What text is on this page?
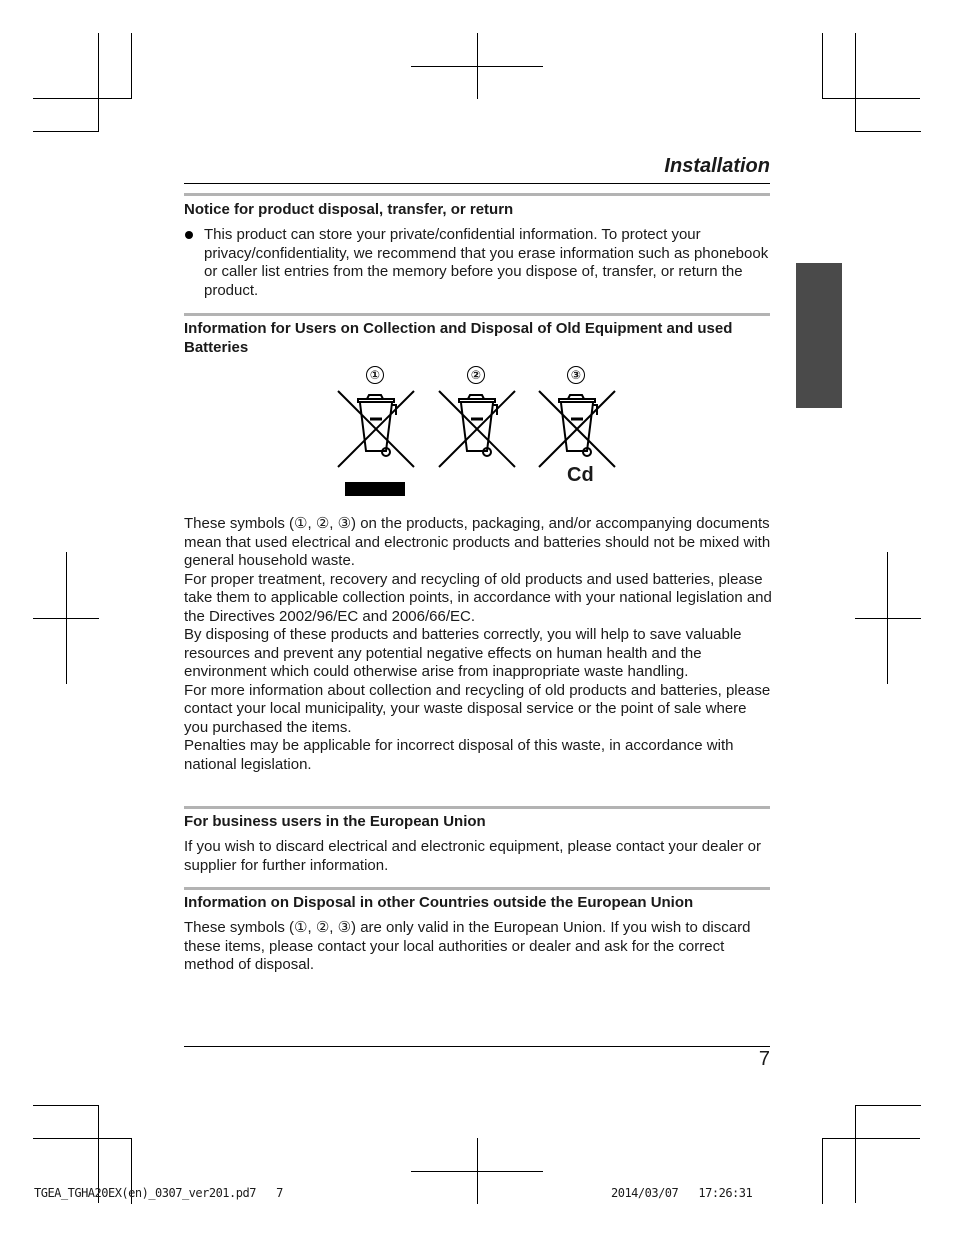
Installation
Notice for product disposal, transfer, or return
This product can store your private/confidential information. To protect your privacy/confidentiality, we recommend that you erase information such as phonebook or caller list entries from the memory before you dispose of, transfer, or return the product.
Information for Users on Collection and Disposal of Old Equipment and used Batteries
①	②	③
Cd

These symbols (①, ②, ③) on the products, packaging, and/or accompanying documents mean that used electrical and electronic products and batteries should not be mixed with general household waste.

For proper treatment, recovery and recycling of old products and used batteries, please take them to applicable collection points, in accordance with your national legislation and the Directives 2002/96/EC and 2006/66/EC.

By disposing of these products and batteries correctly, you will help to save valuable resources and prevent any potential negative effects on human health and the environment which could otherwise arise from inappropriate waste handling.

For more information about collection and recycling of old products and batteries, please contact your local municipality, your waste disposal service or the point of sale where you purchased the items.

Penalties may be applicable for incorrect disposal of this waste, in accordance with national legislation.

For business users in the European Union
If you wish to discard electrical and electronic equipment, please contact your dealer or supplier for further information.
Information on Disposal in other Countries outside the European Union
These symbols (①, ②, ③) are only valid in the European Union. If you wish to discard these items, please contact your local authorities or dealer and ask for the correct method of disposal.
7
TGEA_TGHA20EX(en)_0307_ver201.pd7   7	2014/03/07   17:26:31
